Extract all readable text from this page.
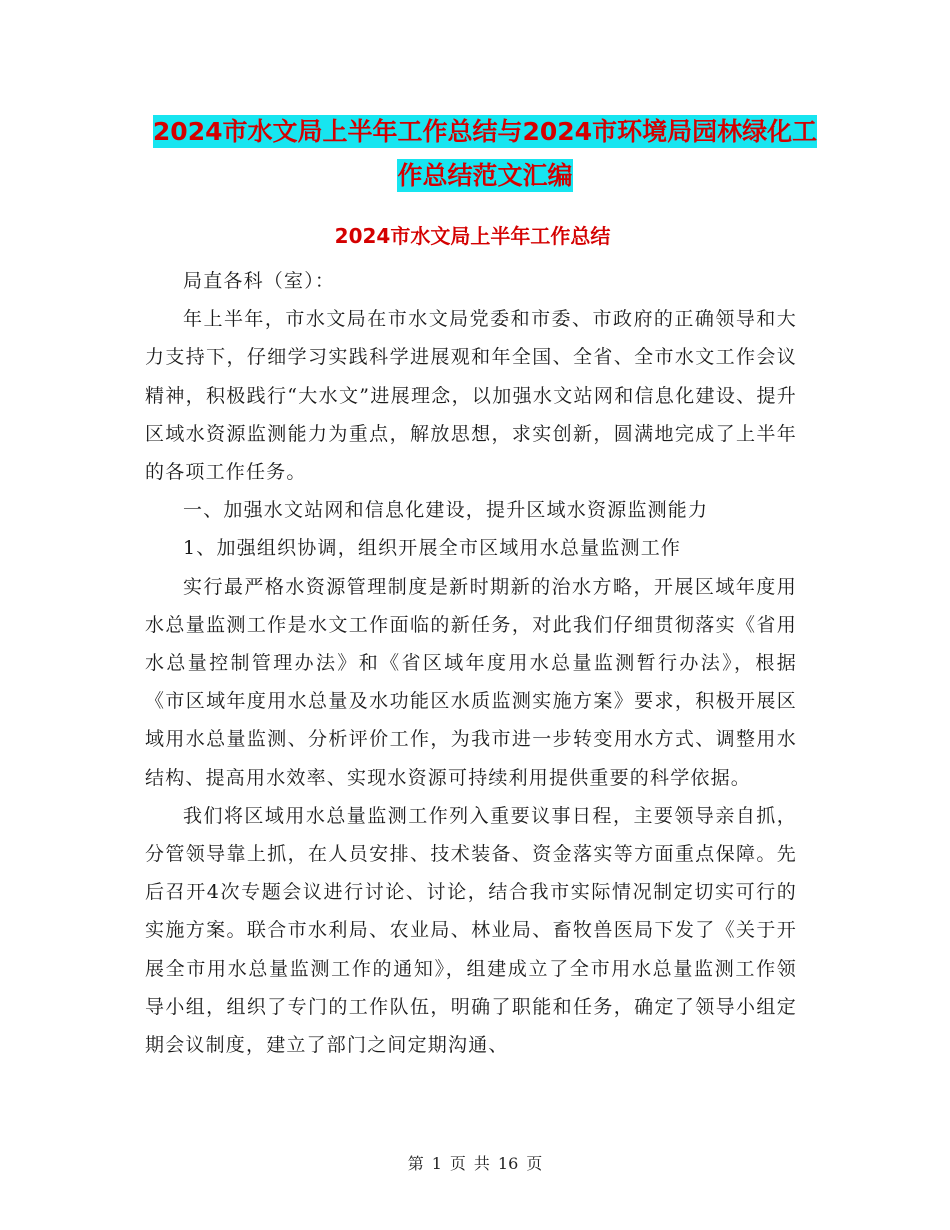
2024市水文局上半年工作总结与2024市环境局园林绿化工作总结范文汇编
2024市水文局上半年工作总结

局直各科（室）：

年上半年，市水文局在市水文局党委和市委、市政府的正确领导和大力支持下，仔细学习实践科学进展观和年全国、全省、全市水文工作会议精神，积极践行“大水文”进展理念，以加强水文站网和信息化建设、提升区域水资源监测能力为重点，解放思想，求实创新，圆满地完成了上半年的各项工作任务。

一、加强水文站网和信息化建设，提升区域水资源监测能力

1、加强组织协调，组织开展全市区域用水总量监测工作

实行最严格水资源管理制度是新时期新的治水方略，开展区域年度用水总量监测工作是水文工作面临的新任务，对此我们仔细贯彻落实《省用水总量控制管理办法》和《省区域年度用水总量监测暂行办法》，根据《市区域年度用水总量及水功能区水质监测实施方案》要求，积极开展区域用水总量监测、分析评价工作，为我市进一步转变用水方式、调整用水结构、提高用水效率、实现水资源可持续利用提供重要的科学依据。

我们将区域用水总量监测工作列入重要议事日程，主要领导亲自抓，分管领导靠上抓，在人员安排、技术装备、资金落实等方面重点保障。先后召开4次专题会议进行讨论、讨论，结合我市实际情况制定切实可行的实施方案。联合市水利局、农业局、林业局、畜牧兽医局下发了《关于开展全市用水总量监测工作的通知》，组建成立了全市用水总量监测工作领导小组，组织了专门的工作队伍，明确了职能和任务，确定了领导小组定期会议制度，建立了部门之间定期沟通、

第 1 页 共 16 页
